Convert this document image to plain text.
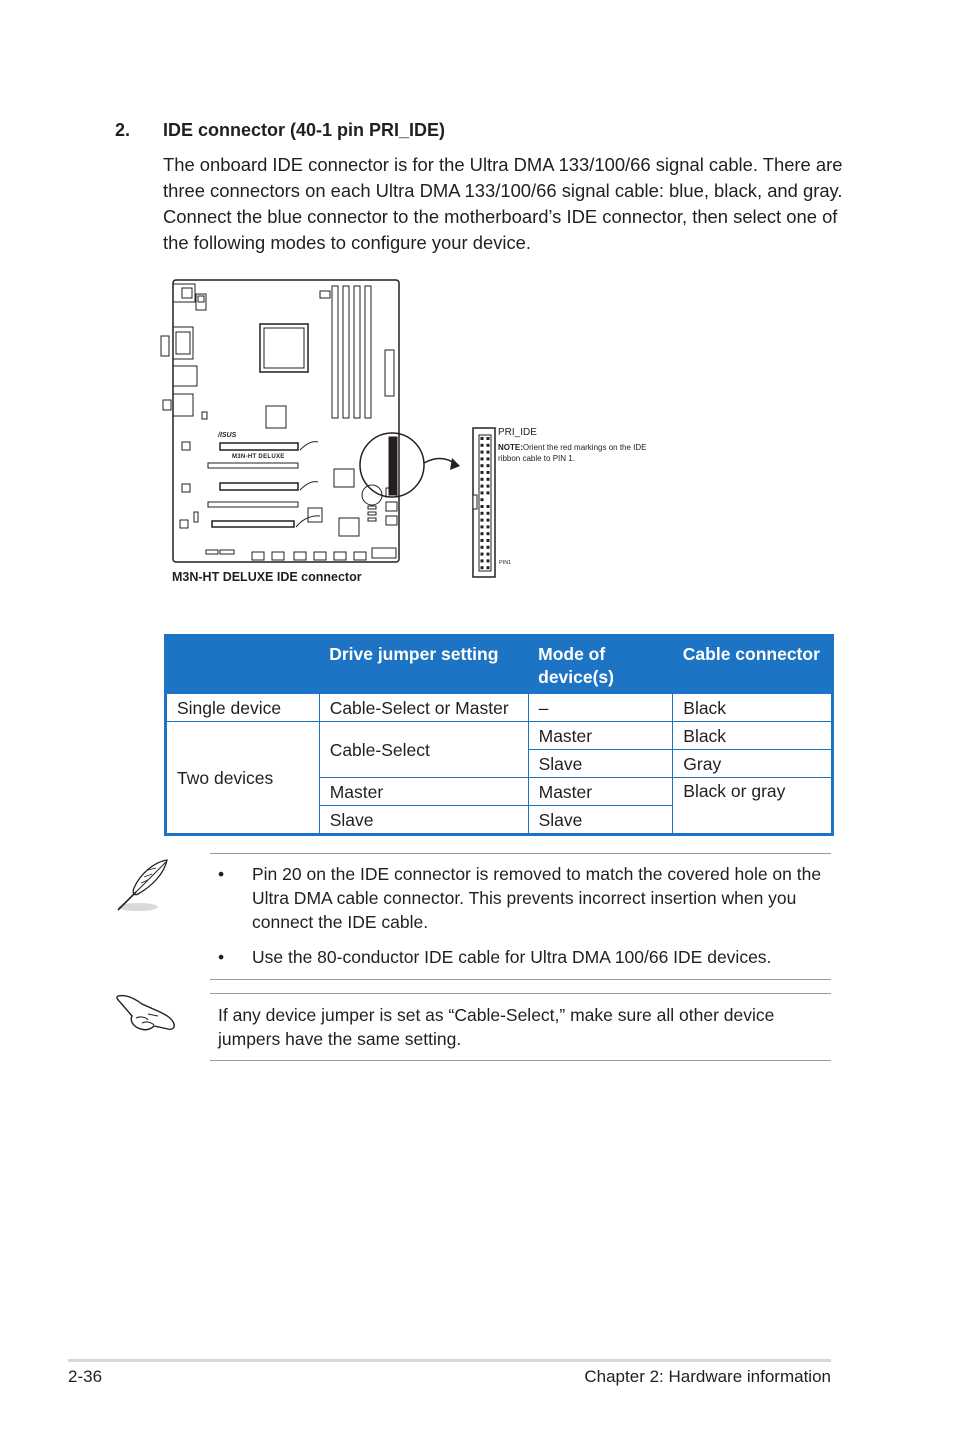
2. IDE connector (40-1 pin PRI_IDE)

The onboard IDE connector is for the Ultra DMA 133/100/66 signal cable. There are three connectors on each Ultra DMA 133/100/66 signal cable: blue, black, and gray. Connect the blue connector to the motherboard’s IDE connector, then select one of the following modes to configure your device.

/ISUS
M3N-HT DELUXE
PRI_IDE
NOTE:Orient the red markings on the IDE ribbon cable to PIN 1.
PIN1
M3N-HT DELUXE IDE connector
	Drive jumper setting	Mode of device(s)	Cable connector
Single device	Cable-Select or Master	–	Black
Two devices	Cable-Select	Master	Black
		Slave	Gray
	Master	Master	Black or gray
	Slave	Slave	
• Pin 20 on the IDE connector is removed to match the covered hole on the Ultra DMA cable connector. This prevents incorrect insertion when you connect the IDE cable.
• Use the 80-conductor IDE cable for Ultra DMA 100/66 IDE devices.

If any device jumper is set as “Cable-Select,” make sure all other device jumpers have the same setting.

2-36	Chapter 2: Hardware information
